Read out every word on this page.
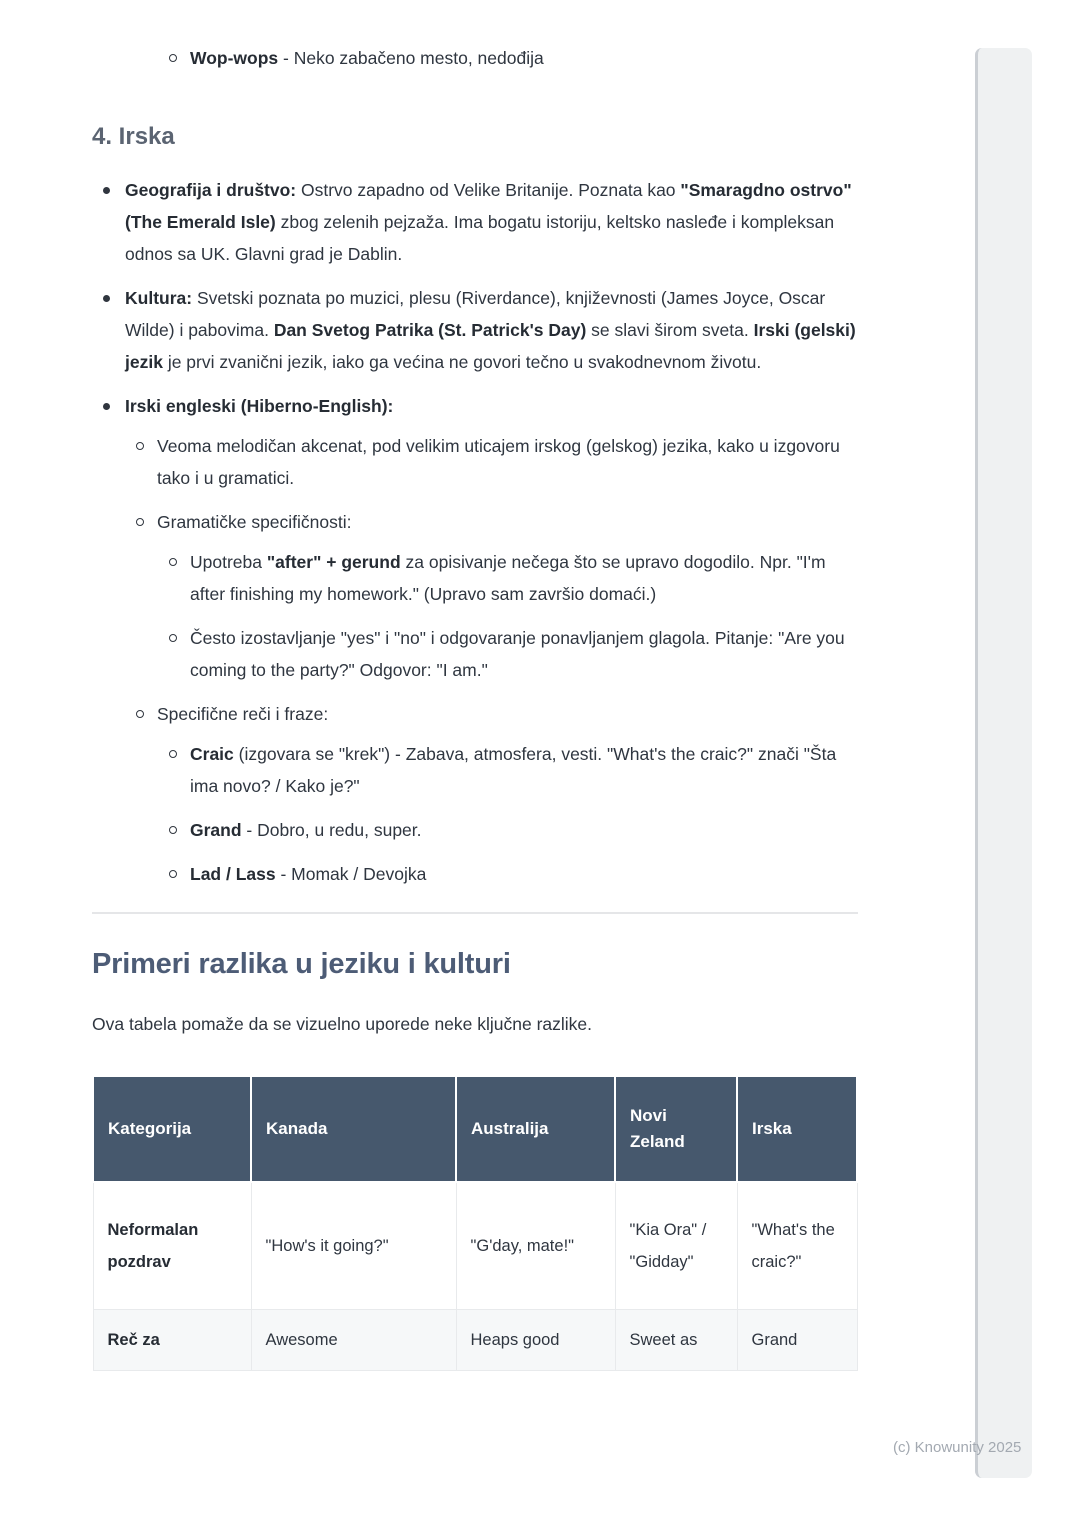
Wop-wops - Neko zabačeno mesto, nedođija
4. Irska
Geografija i društvo: Ostrvo zapadno od Velike Britanije. Poznata kao "Smaragdno ostrvo" (The Emerald Isle) zbog zelenih pejzaža. Ima bogatu istoriju, keltsko nasleđe i kompleksan odnos sa UK. Glavni grad je Dablin.
Kultura: Svetski poznata po muzici, plesu (Riverdance), književnosti (James Joyce, Oscar Wilde) i pabovima. Dan Svetog Patrika (St. Patrick's Day) se slavi širom sveta. Irski (gelski) jezik je prvi zvanični jezik, iako ga većina ne govori tečno u svakodnevnom životu.
Irski engleski (Hiberno-English):
Veoma melodičan akcenat, pod velikim uticajem irskog (gelskog) jezika, kako u izgovoru tako i u gramatici.
Gramatičke specifičnosti:
Upotreba "after" + gerund za opisivanje nečega što se upravo dogodilo. Npr. "I'm after finishing my homework." (Upravo sam završio domaći.)
Često izostavljanje "yes" i "no" i odgovaranje ponavljanjem glagola. Pitanje: "Are you coming to the party?" Odgovor: "I am."
Specifične reči i fraze:
Craic (izgovara se "krek") - Zabava, atmosfera, vesti. "What's the craic?" znači "Šta ima novo? / Kako je?"
Grand - Dobro, u redu, super.
Lad / Lass - Momak / Devojka
Primeri razlika u jeziku i kulturi

Ova tabela pomaže da se vizuelno uporede neke ključne razlike.

Kategorija	Kanada	Australija	Novi Zeland	Irska
Neformalan pozdrav	"How's it going?"	"G'day, mate!"	"Kia Ora" / "Gidday"	"What's the craic?"
Reč za	Awesome	Heaps good	Sweet as	Grand
(c) Knowunity 2025
